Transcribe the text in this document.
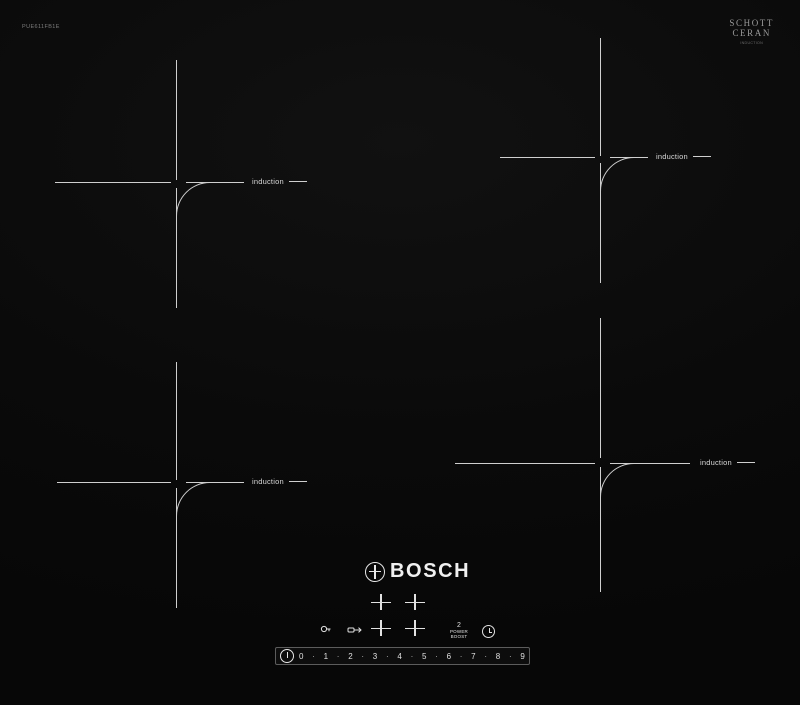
PUE611FB1E	SCHOTT
CERAN
INDUCTION
induction
induction
induction
induction
BOSCH
2
POWER BOOST
0 · 1 · 2 · 3 · 4 · 5 · 6 · 7 · 8 · 9
